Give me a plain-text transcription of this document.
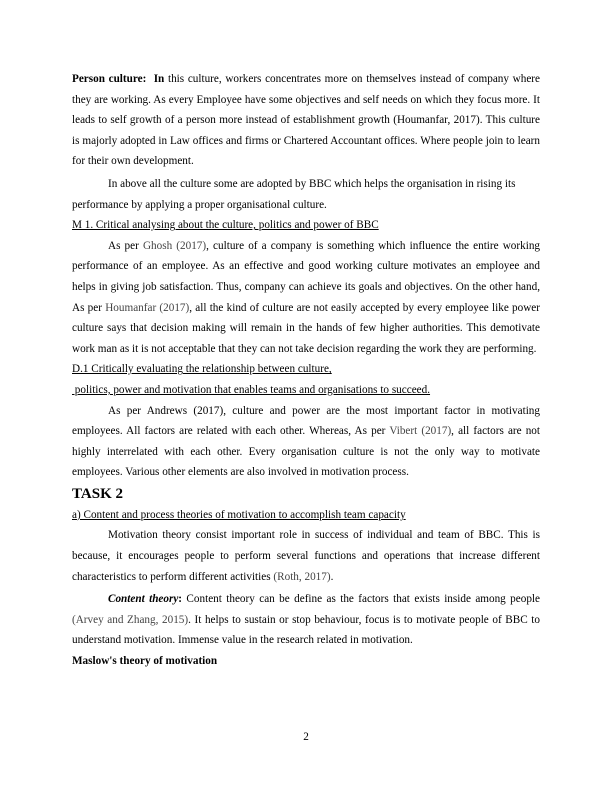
Person culture: In this culture, workers concentrates more on themselves instead of company where they are working. As every Employee have some objectives and self needs on which they focus more. It leads to self growth of a person more instead of establishment growth (Houmanfar, 2017). This culture is majorly adopted in Law offices and firms or Chartered Accountant offices. Where people join to learn for their own development.

In above all the culture some are adopted by BBC which helps the organisation in rising its performance by applying a proper organisational culture.

M 1. Critical analysing about the culture, politics and power of BBC

As per Ghosh (2017), culture of a company is something which influence the entire working performance of an employee. As an effective and good working culture motivates an employee and helps in giving job satisfaction. Thus, company can achieve its goals and objectives. On the other hand, As per Houmanfar (2017), all the kind of culture are not easily accepted by every employee like power culture says that decision making will remain in the hands of few higher authorities. This demotivate work man as it is not acceptable that they can not take decision regarding the work they are performing.

D.1 Critically evaluating the relationship between culture,

politics, power and motivation that enables teams and organisations to succeed.

As per Andrews (2017), culture and power are the most important factor in motivating employees. All factors are related with each other. Whereas, As per Vibert (2017), all factors are not highly interrelated with each other. Every organisation culture is not the only way to motivate employees. Various other elements are also involved in motivation process.

TASK 2

a) Content and process theories of motivation to accomplish team capacity

Motivation theory consist important role in success of individual and team of BBC. This is because, it encourages people to perform several functions and operations that increase different characteristics to perform different activities (Roth, 2017).

Content theory: Content theory can be define as the factors that exists inside among people (Arvey and Zhang, 2015). It helps to sustain or stop behaviour, focus is to motivate people of BBC to understand motivation. Immense value in the research related in motivation.

Maslow's theory of motivation

2
